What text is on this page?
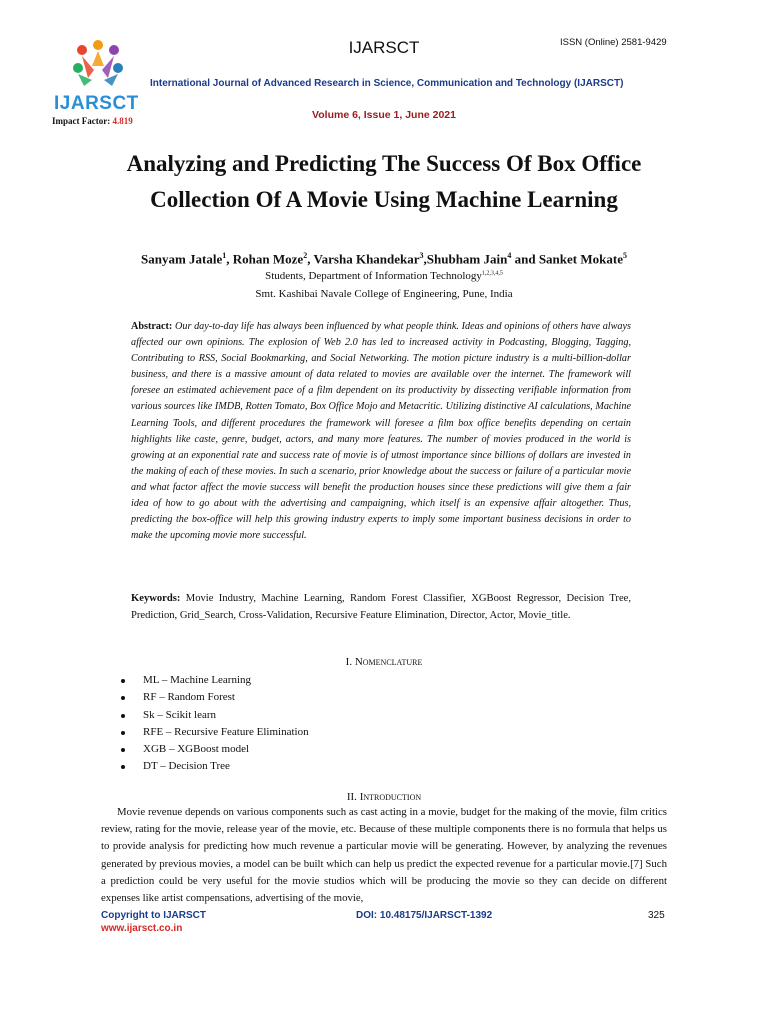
IJARSCT	ISSN (Online) 2581-9429
IJARSCT
Impact Factor: 4.819
International Journal of Advanced Research in Science, Communication and Technology (IJARSCT)
Volume 6, Issue 1, June 2021
Analyzing and Predicting The Success Of Box Office Collection Of A Movie Using Machine Learning
Sanyam Jatale$^1$, Rohan Moze$^2$, Varsha Khandekar$^3$,Shubham Jain$^4$ and Sanket Mokate$^5$
Students, Department of Information Technology$^{1,2,3,4,5}$
Smt. Kashibai Navale College of Engineering, Pune, India
Abstract: Our day-to-day life has always been influenced by what people think. Ideas and opinions of others have always affected our own opinions. The explosion of Web 2.0 has led to increased activity in Podcasting, Blogging, Tagging, Contributing to RSS, Social Bookmarking, and Social Networking. The motion picture industry is a multi-billion-dollar business, and there is a massive amount of data related to movies are available over the internet. The framework will foresee an estimated achievement pace of a film dependent on its productivity by dissecting verifiable information from various sources like IMDB, Rotten Tomato, Box Office Mojo and Metacritic. Utilizing distinctive AI calculations, Machine Learning Tools, and different procedures the framework will foresee a film box office benefits depending on certain highlights like caste, genre, budget, actors, and many more features. The number of movies produced in the world is growing at an exponential rate and success rate of movie is of utmost importance since billions of dollars are invested in the making of each of these movies. In such a scenario, prior knowledge about the success or failure of a particular movie and what factor affect the movie success will benefit the production houses since these predictions will give them a fair idea of how to go about with the advertising and campaigning, which itself is an expensive affair altogether. Thus, predicting the box-office will help this growing industry experts to imply some important business decisions in order to make the upcoming movie more successful.
Keywords: Movie Industry, Machine Learning, Random Forest Classifier, XGBoost Regressor, Decision Tree, Prediction, Grid_Search, Cross-Validation, Recursive Feature Elimination, Director, Actor, Movie_title.
I. Nomenclature
ML – Machine Learning
RF – Random Forest
Sk – Scikit learn
RFE – Recursive Feature Elimination
XGB – XGBoost model
DT – Decision Tree
II. Introduction
Movie revenue depends on various components such as cast acting in a movie, budget for the making of the movie, film critics review, rating for the movie, release year of the movie, etc. Because of these multiple components there is no formula that helps us to provide analysis for predicting how much revenue a particular movie will be generating. However, by analyzing the revenues generated by previous movies, a model can be built which can help us predict the expected revenue for a particular movie.[7] Such a prediction could be very useful for the movie studios which will be producing the movie so they can decide on different expenses like artist compensations, advertising of the movie,
Copyright to IJARSCT
www.ijarsct.co.in
DOI: 10.48175/IJARSCT-1392	325
